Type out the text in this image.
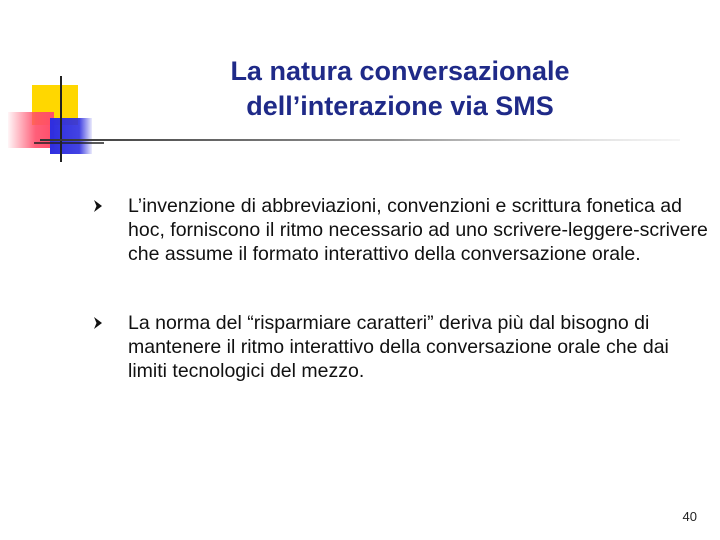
La natura conversazionale
dell’interazione via SMS
L’invenzione di abbreviazioni, convenzioni e scrittura fonetica ad hoc, forniscono il ritmo necessario ad uno scrivere-leggere-scrivere che assume il formato interattivo della conversazione orale.
La norma del “risparmiare caratteri” deriva più dal bisogno di mantenere il ritmo interattivo della conversazione orale che dai limiti tecnologici del mezzo.
40
